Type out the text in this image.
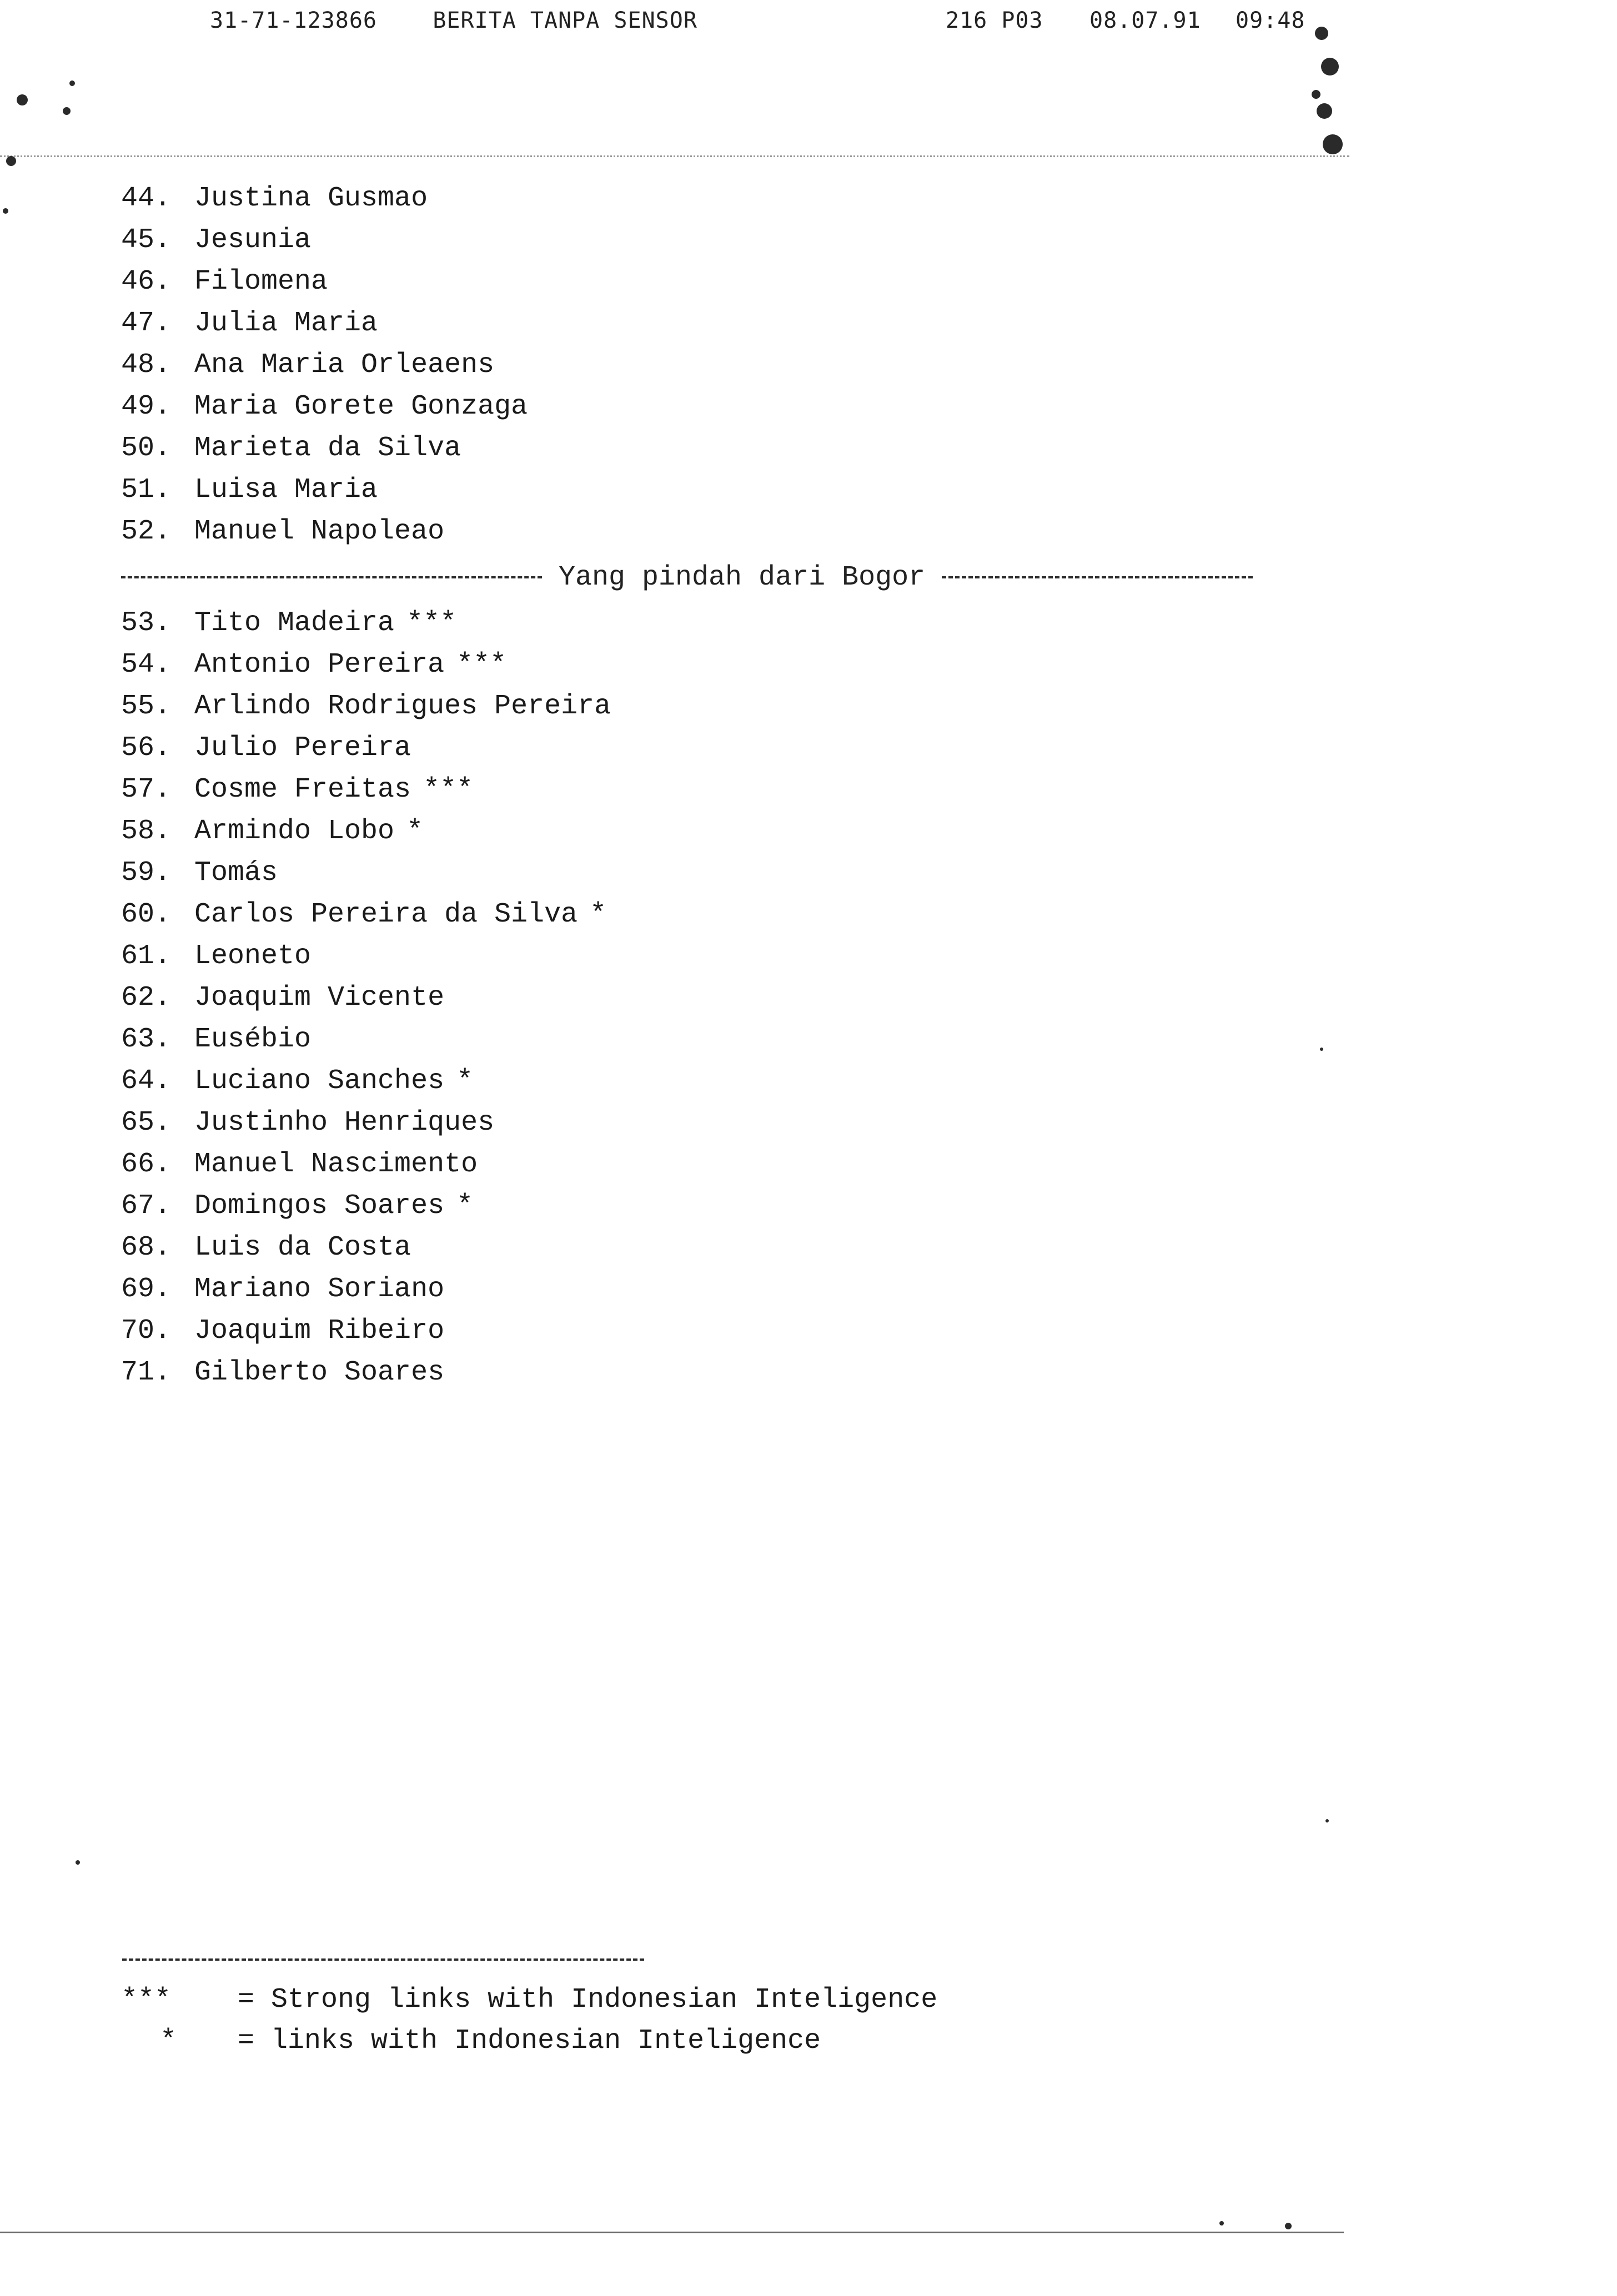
31-71-123866	BERITA TANPA SENSOR	216 P03 08.07.91 09:48
44. Justina Gusmao
45. Jesunia
46. Filomena
47. Julia Maria
48. Ana Maria Orleaens
49. Maria Gorete Gonzaga
50. Marieta da Silva
51. Luisa Maria
52. Manuel Napoleao
Yang pindah dari Bogor
53. Tito Madeira ***
54. Antonio Pereira ***
55. Arlindo Rodrigues Pereira
56. Julio Pereira
57. Cosme Freitas ***
58. Armindo Lobo *
59. Tomás
60. Carlos Pereira da Silva *
61. Leoneto
62. Joaquim Vicente
63. Eusébio
64. Luciano Sanches *
65. Justinho Henriques
66. Manuel Nascimento
67. Domingos Soares *
68. Luis da Costa
69. Mariano Soriano
70. Joaquim Ribeiro
71. Gilberto Soares
***	= Strong links with Indonesian Inteligence
*	= links with Indonesian Inteligence
